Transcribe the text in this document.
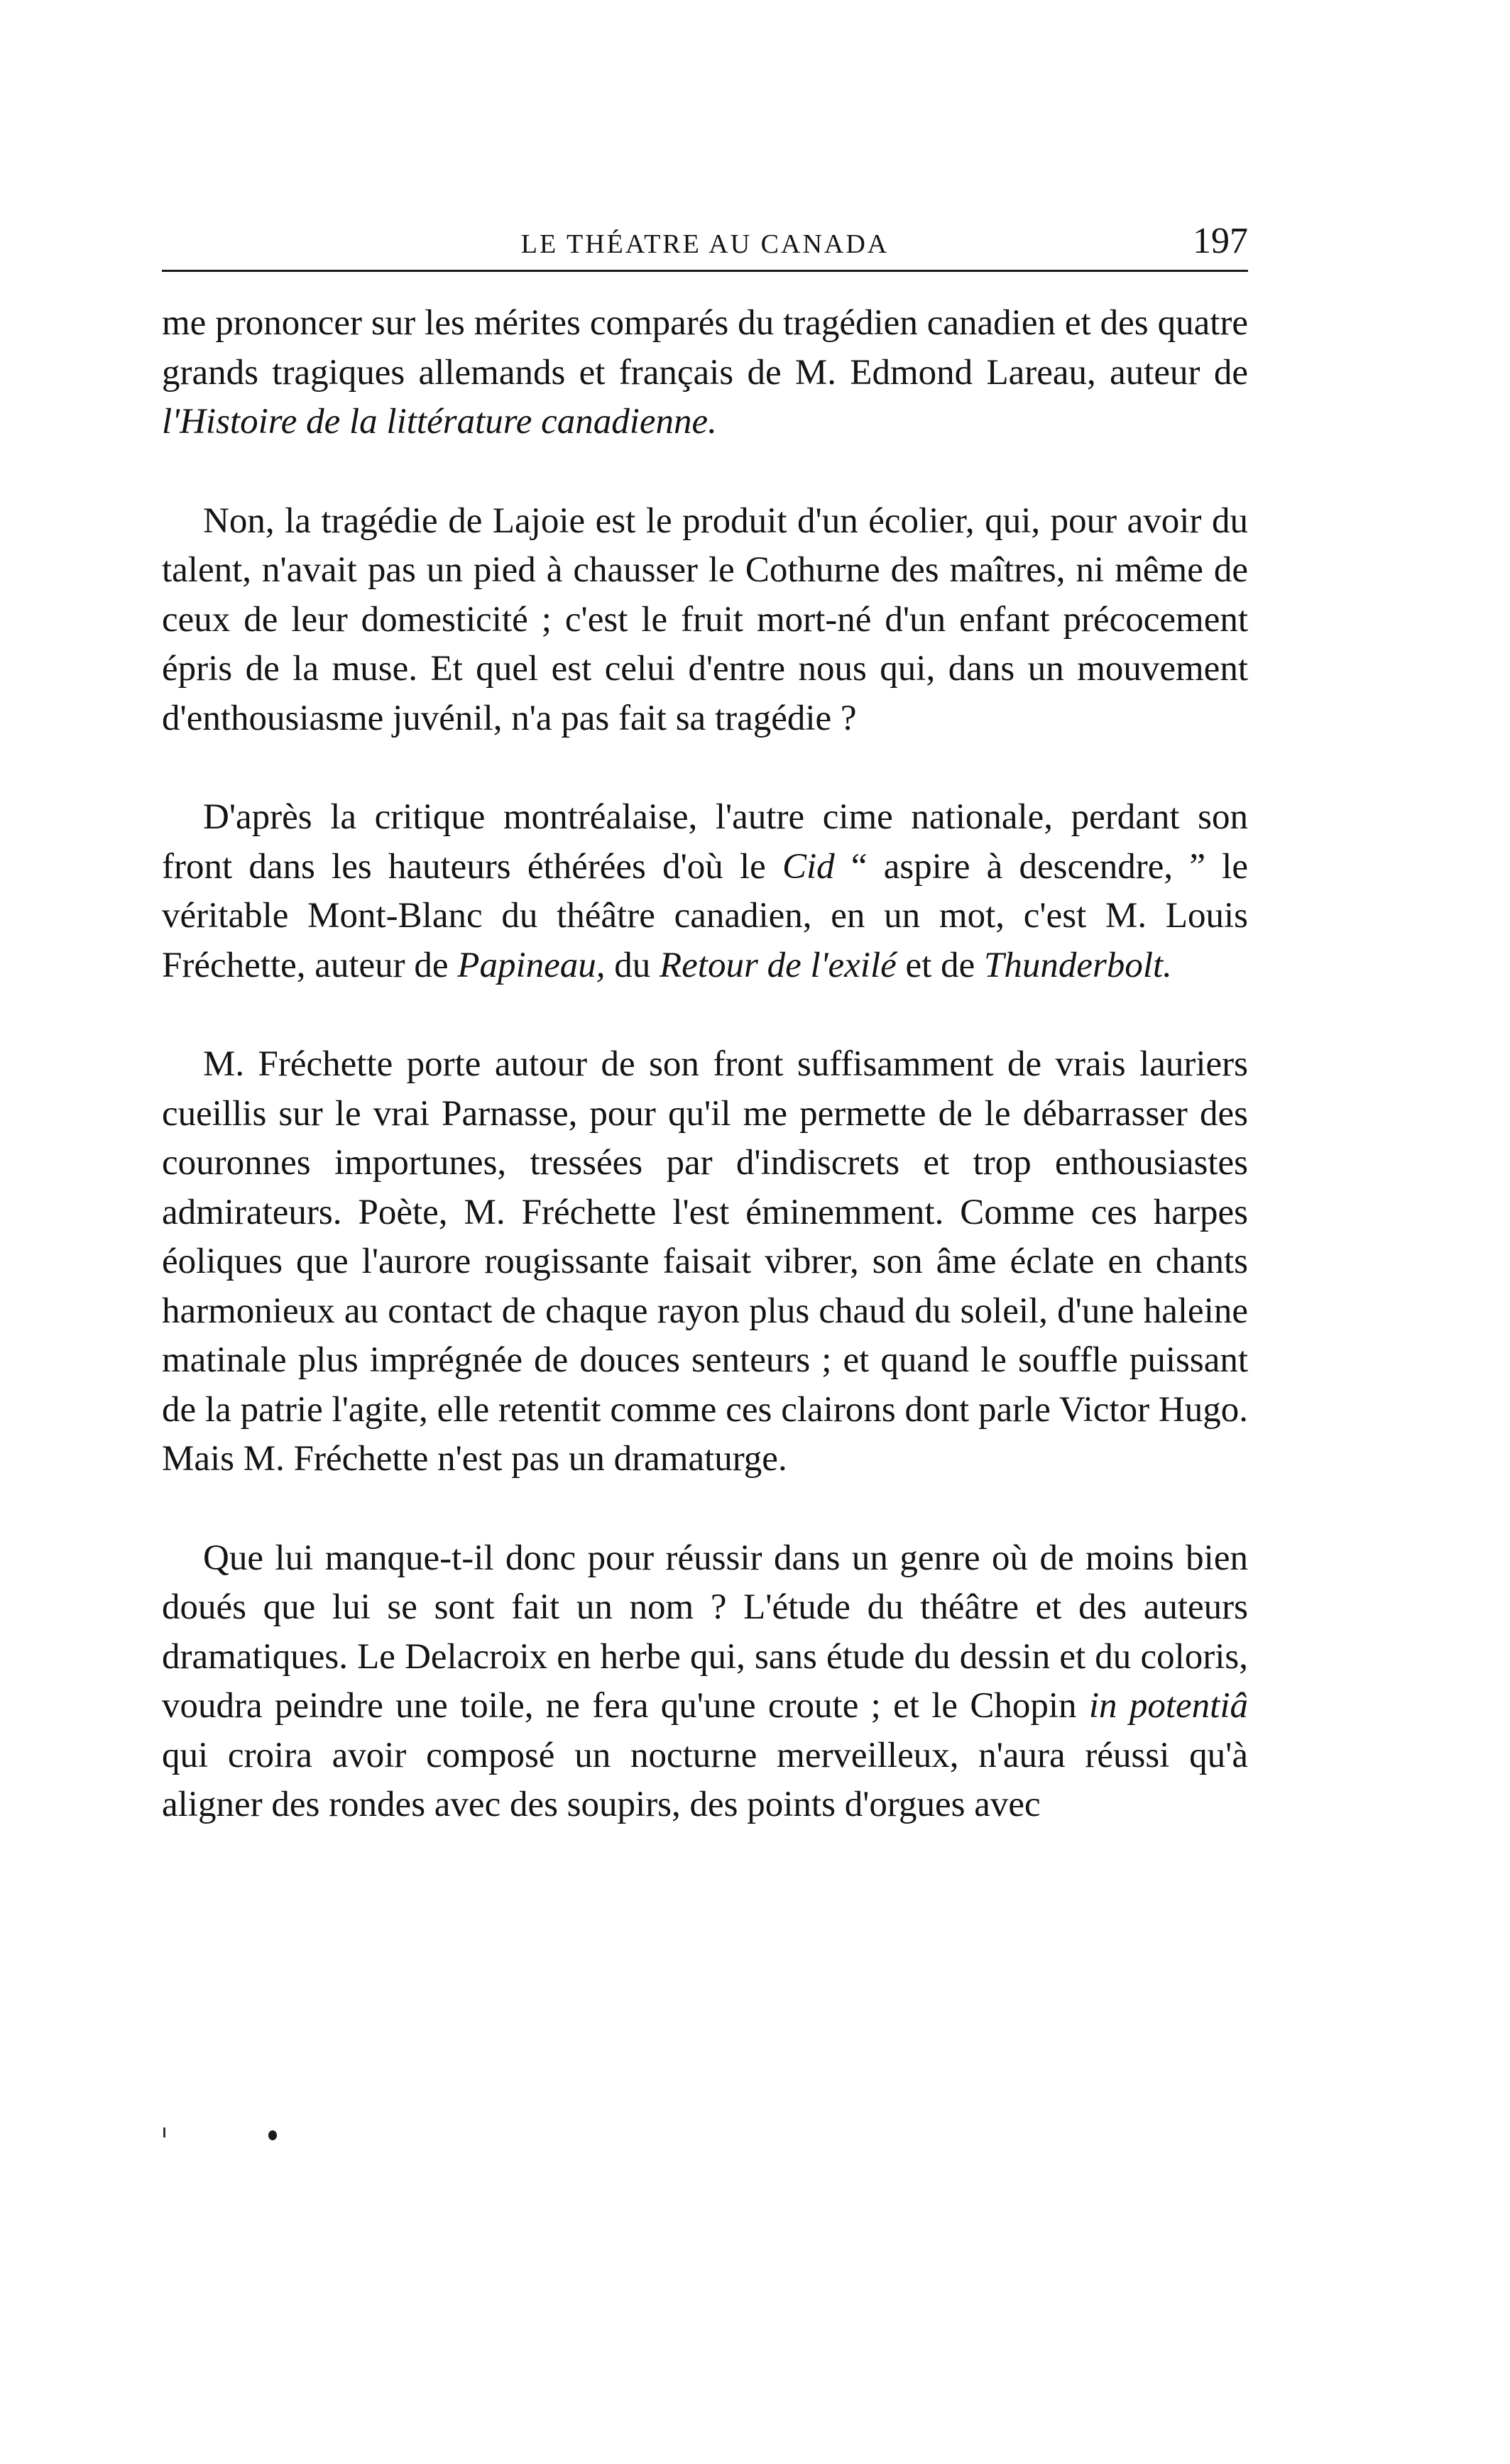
LE THÉATRE AU CANADA	197

me prononcer sur les mérites comparés du tragédien canadien et des quatre grands tragiques allemands et français de M. Edmond Lareau, auteur de l'Histoire de la littérature canadienne.

Non, la tragédie de Lajoie est le produit d'un écolier, qui, pour avoir du talent, n'avait pas un pied à chausser le Cothurne des maîtres, ni même de ceux de leur domesticité ; c'est le fruit mort-né d'un enfant précocement épris de la muse. Et quel est celui d'entre nous qui, dans un mouvement d'enthousiasme juvénil, n'a pas fait sa tragédie ?

D'après la critique montréalaise, l'autre cime nationale, perdant son front dans les hauteurs éthérées d'où le Cid “ aspire à descendre, ” le véritable Mont-Blanc du théâtre canadien, en un mot, c'est M. Louis Fréchette, auteur de Papineau, du Retour de l'exilé et de Thunderbolt.

M. Fréchette porte autour de son front suffisamment de vrais lauriers cueillis sur le vrai Parnasse, pour qu'il me permette de le débarrasser des couronnes importunes, tressées par d'indiscrets et trop enthousiastes admirateurs. Poète, M. Fréchette l'est éminemment. Comme ces harpes éoliques que l'aurore rougissante faisait vibrer, son âme éclate en chants harmonieux au contact de chaque rayon plus chaud du soleil, d'une haleine matinale plus imprégnée de douces senteurs ; et quand le souffle puissant de la patrie l'agite, elle retentit comme ces clairons dont parle Victor Hugo. Mais M. Fréchette n'est pas un dramaturge.

Que lui manque-t-il donc pour réussir dans un genre où de moins bien doués que lui se sont fait un nom ? L'étude du théâtre et des auteurs dramatiques. Le Delacroix en herbe qui, sans étude du dessin et du coloris, voudra peindre une toile, ne fera qu'une croute ; et le Chopin in potentiâ qui croira avoir composé un nocturne merveilleux, n'aura réussi qu'à aligner des rondes avec des soupirs, des points d'orgues avec
